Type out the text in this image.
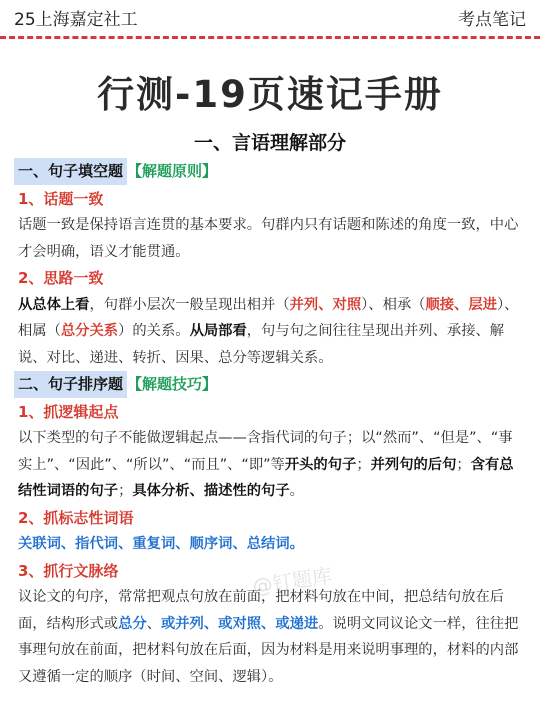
25上海嘉定社工	考点笔记
行测-19页速记手册
一、言语理解部分

一、句子填空题 【解题原则】

1、话题一致

话题一致是保持语言连贯的基本要求。句群内只有话题和陈述的角度一致，中心才会明确，语义才能贯通。

2、思路一致

从总体上看，句群小层次一般呈现出相并（并列、对照）、相承（顺接、层进）、相属（总分关系）的关系。从局部看，句与句之间往往呈现出并列、承接、解说、对比、递进、转折、因果、总分等逻辑关系。

二、句子排序题 【解题技巧】

1、抓逻辑起点

以下类型的句子不能做逻辑起点——含指代词的句子；以“然而”、“但是”、“事实上”、“因此”、“所以”、“而且”、“即”等开头的句子；并列句的后句；含有总结性词语的句子；具体分析、描述性的句子。

2、抓标志性词语

关联词、指代词、重复词、顺序词、总结词。

3、抓行文脉络

议论文的句序，常常把观点句放在前面，把材料句放在中间，把总结句放在后面，结构形式或总分、或并列、或对照、或递进。说明文同议论文一样，往往把事理句放在前面，把材料句放在后面，因为材料是用来说明事理的，材料的内部又遵循一定的顺序（时间、空间、逻辑）。

@钉题库
